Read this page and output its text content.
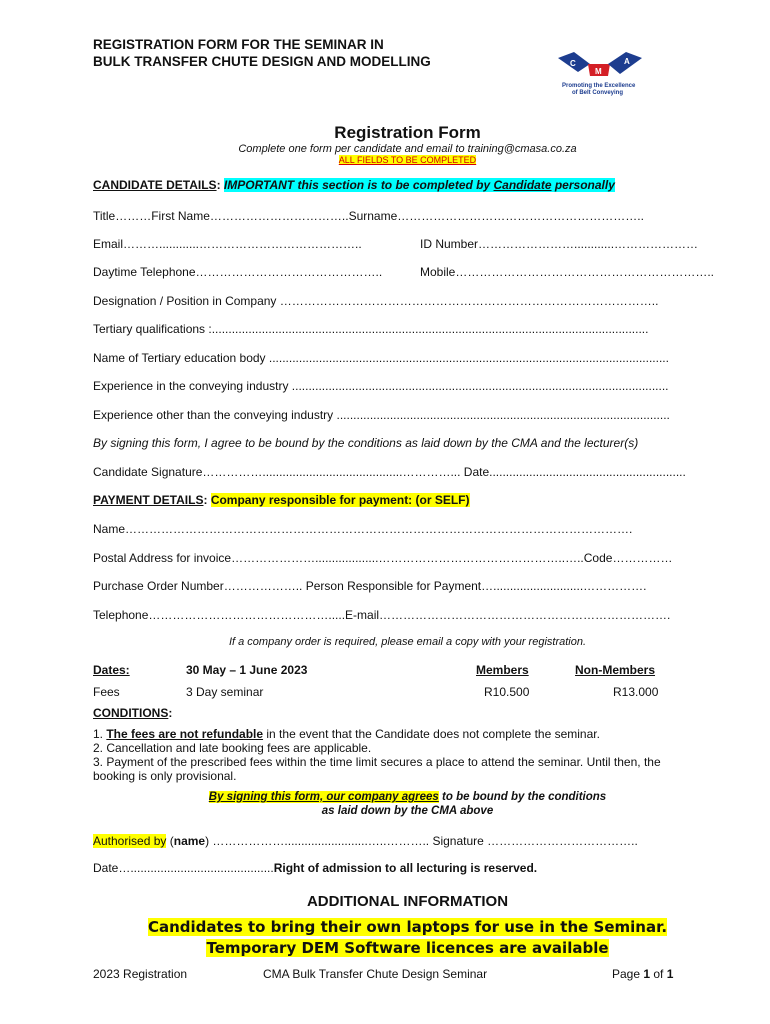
REGISTRATION FORM FOR THE SEMINAR IN
BULK TRANSFER CHUTE DESIGN AND MODELLING	C
M
A
Promoting the Excellence
of Belt Conveying
Registration Form
Complete one form per candidate and email to training@cmasa.co.za
ALL FIELDS TO BE COMPLETED
CANDIDATE DETAILS: IMPORTANT this section is to be completed by Candidate personally
Title………First Name……………………………..Surname……………………………………………………..
Email………............…………………………………..	ID Number……………………............…………………
Daytime Telephone………………………………………..	Mobile………………………………………………………..
Designation / Position in Company …………………………………………………………………………………..
Tertiary qualifications :...................................................................................................................................
Name of Tertiary education body ........................................................................................................................
Experience in the conveying industry .................................................................................................................
Experience other than the conveying industry ....................................................................................................
By signing this form, I agree to be bound by the conditions as laid down by the CMA and the lecturer(s)
Candidate Signature……………..........................................…………... Date...........................................................
PAYMENT DETAILS: Company responsible for payment: (or SELF)
Name……………………………………………………………………………………………………………….
Postal Address for invoice…………………...................………………………………………..…..Code……………
Purchase Order Number……………….. Person Responsible for Payment…...........................…………….
Telephone……………………………………….....E-mail……………………………………………………………….
If a company order is required, please email a copy with your registration.
Dates:	30 May – 1 June 2023	Members	Non-Members
Fees	3 Day seminar	R10.500	R13.000
CONDITIONS:
1. The fees are not refundable in the event that the Candidate does not complete the seminar.
2. Cancellation and late booking fees are applicable.
3. Payment of the prescribed fees within the time limit secures a place to attend the seminar. Until then, the
booking is only provisional.
By signing this form, our company agrees to be bound by the conditions
as laid down by the CMA above
Authorised by (name) ……………….........................…..……….. Signature ………………………………..
Date…...........................................Right of admission to all lecturing is reserved.
ADDITIONAL INFORMATION
Candidates to bring their own laptops for use in the Seminar.
Temporary DEM Software licences are available
2023 Registration	CMA Bulk Transfer Chute Design Seminar	Page 1 of 1
